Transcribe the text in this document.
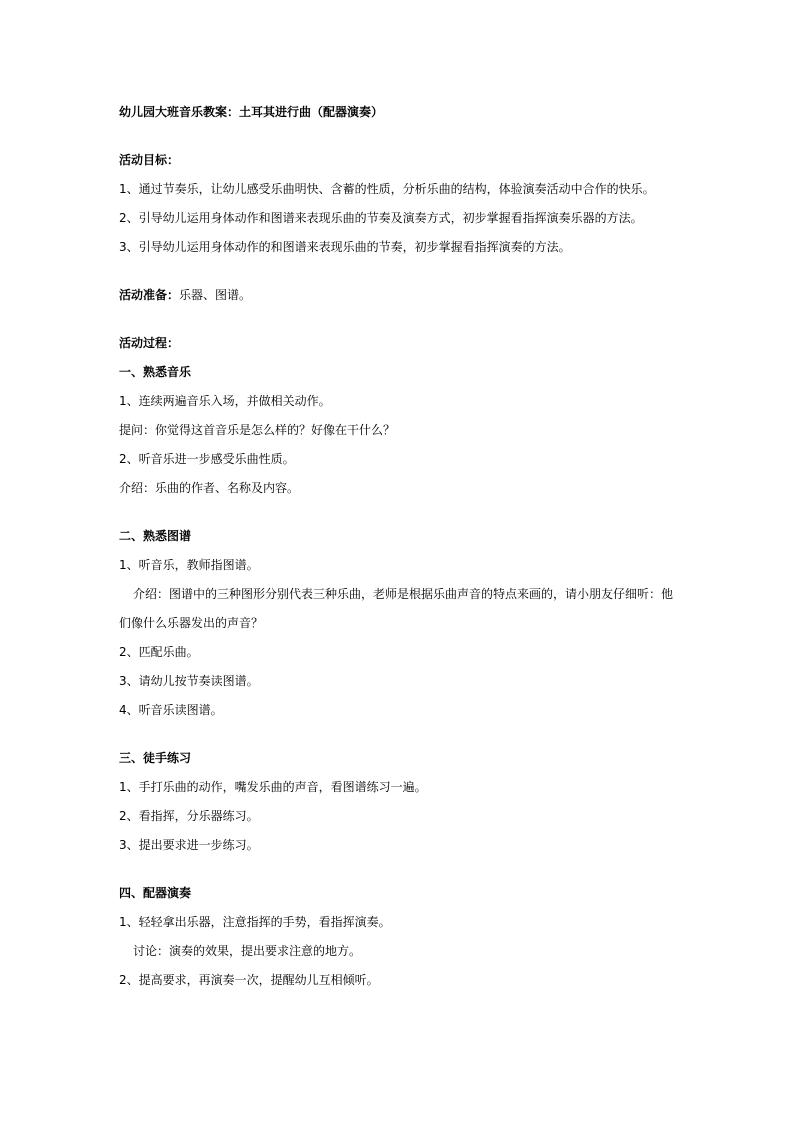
幼儿园大班音乐教案：土耳其进行曲（配器演奏）
活动目标：
1、通过节奏乐，让幼儿感受乐曲明快、含蓄的性质，分析乐曲的结构，体验演奏活动中合作的快乐。
2、引导幼儿运用身体动作和图谱来表现乐曲的节奏及演奏方式，初步掌握看指挥演奏乐器的方法。
3、引导幼儿运用身体动作的和图谱来表现乐曲的节奏，初步掌握看指挥演奏的方法。
活动准备：乐器、图谱。
活动过程：
一、熟悉音乐
1、连续两遍音乐入场，并做相关动作。
提问：你觉得这首音乐是怎么样的？好像在干什么？
2、听音乐进一步感受乐曲性质。
介绍：乐曲的作者、名称及内容。
二、熟悉图谱
1、听音乐，教师指图谱。
介绍：图谱中的三种图形分别代表三种乐曲，老师是根据乐曲声音的特点来画的，请小朋友仔细听：他
们像什么乐器发出的声音？
2、匹配乐曲。
3、请幼儿按节奏读图谱。
4、听音乐读图谱。
三、徒手练习
1、手打乐曲的动作，嘴发乐曲的声音，看图谱练习一遍。
2、看指挥，分乐器练习。
3、提出要求进一步练习。
四、配器演奏
1、轻轻拿出乐器，注意指挥的手势，看指挥演奏。
讨论：演奏的效果，提出要求注意的地方。
2、提高要求，再演奏一次，提醒幼儿互相倾听。
